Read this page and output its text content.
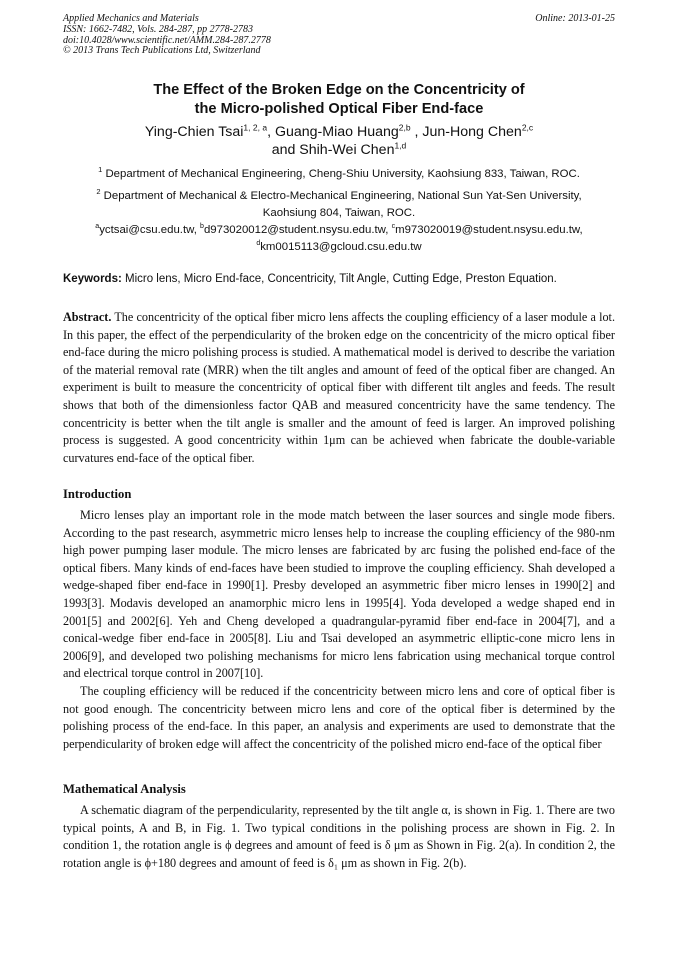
Applied Mechanics and Materials
ISSN: 1662-7482, Vols. 284-287, pp 2778-2783
doi:10.4028/www.scientific.net/AMM.284-287.2778
© 2013 Trans Tech Publications Ltd, Switzerland
Online: 2013-01-25
The Effect of the Broken Edge on the Concentricity of
the Micro-polished Optical Fiber End-face
Ying-Chien Tsai$^{1, 2, a}$, Guang-Miao Huang$^{2,b}$ , Jun-Hong Chen$^{2,c}$
and Shih-Wei Chen$^{1,d}$
$^1$ Department of Mechanical Engineering, Cheng-Shiu University, Kaohsiung 833, Taiwan, ROC.
$^2$ Department of Mechanical & Electro-Mechanical Engineering, National Sun Yat-Sen University,
Kaohsiung 804, Taiwan, ROC.
$^a$yctsai@csu.edu.tw, $^b$d973020012@student.nsysu.edu.tw, $^c$m973020019@student.nsysu.edu.tw,
$^d$km0015113@gcloud.csu.edu.tw
Keywords: Micro lens, Micro End-face, Concentricity, Tilt Angle, Cutting Edge, Preston Equation.
Abstract. The concentricity of the optical fiber micro lens affects the coupling efficiency of a laser module a lot. In this paper, the effect of the perpendicularity of the broken edge on the concentricity of the micro optical fiber end-face during the micro polishing process is studied. A mathematical model is derived to describe the variation of the material removal rate (MRR) when the tilt angles and amount of feed of the optical fiber are changed. An experiment is built to measure the concentricity of optical fiber with different tilt angles and feeds. The result shows that both of the dimensionless factor QAB and measured concentricity have the same tendency. The concentricity is better when the tilt angle is smaller and the amount of feed is larger. An improved polishing process is suggested. A good concentricity within 1μm can be achieved when fabricate the double-variable curvatures end-face of the optical fiber.
Introduction

Micro lenses play an important role in the mode match between the laser sources and single mode fibers. According to the past research, asymmetric micro lenses help to increase the coupling efficiency of the 980-nm high power pumping laser module. The micro lenses are fabricated by arc fusing the polished end-face of the optical fibers. Many kinds of end-faces have been studied to improve the coupling efficiency. Shah developed a wedge-shaped fiber end-face in 1990[1]. Presby developed an asymmetric fiber micro lenses in 1990[2] and 1993[3]. Modavis developed an anamorphic micro lens in 1995[4]. Yoda developed a wedge shaped end in 2001[5] and 2002[6]. Yeh and Cheng developed a quadrangular-pyramid fiber end-face in 2004[7], and a conical-wedge fiber end-face in 2005[8]. Liu and Tsai developed an asymmetric elliptic-cone micro lens in 2006[9], and developed two polishing mechanisms for micro lens fabrication using mechanical torque control and electrical torque control in 2007[10].

The coupling efficiency will be reduced if the concentricity between micro lens and core of optical fiber is not good enough. The concentricity between micro lens and core of the optical fiber is determined by the polishing process of the end-face. In this paper, an analysis and experiments are used to demonstrate that the perpendicularity of broken edge will affect the concentricity of the polished micro end-face of the optical fiber

Mathematical Analysis

A schematic diagram of the perpendicularity, represented by the tilt angle α, is shown in Fig. 1. There are two typical points, A and B, in Fig. 1. Two typical conditions in the polishing process are shown in Fig. 2. In condition 1, the rotation angle is ϕ degrees and amount of feed is δ μm as Shown in Fig. 2(a). In condition 2, the rotation angle is ϕ+180 degrees and amount of feed is δ₁ μm as shown in Fig. 2(b).
